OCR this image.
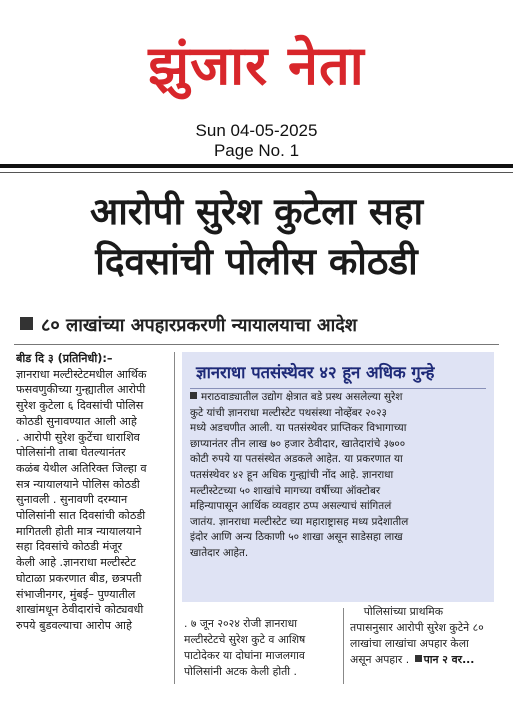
झुंजार नेता
Sun 04-05-2025
Page No. 1
आरोपी सुरेश कुटेला सहा
दिवसांची पोलीस कोठडी
८० लाखांच्या अपहारप्रकरणी न्यायालयाचा आदेश
बीड दि ३ (प्रतिनिधी):–
ज्ञानराधा मल्टीस्टेटमधील आर्थिक
फसवणुकीच्या गुन्ह्यातील आरोपी
सुरेश कुटेला ६ दिवसांची पोलिस
कोठडी सुनावण्यात आली आहे
. आरोपी सुरेश कुटेंचा धाराशिव
पोलिसांनी ताबा घेतल्यानंतर
कळंब येथील अतिरिक्त जिल्हा व
सत्र न्यायालयाने पोलिस कोठडी
सुनावली . सुनावणी दरम्यान
पोलिसांनी सात दिवसांची कोठडी
मागितली होती मात्र न्यायालयाने
सहा दिवसांचे कोठडी मंजूर
केली आहे .ज्ञानराधा मल्टीस्टेट
घोटाळा प्रकरणात बीड, छत्रपती
संभाजीनगर, मुंबई– पुण्यातील
शाखांमधून ठेवीदारांचे कोट्यवधी
रुपये बुडवल्याचा आरोप आहे
ज्ञानराधा पतसंस्थेवर ४२ हून अधिक गुन्हे
मराठवाड्यातील उद्योग क्षेत्रात बडे प्रस्थ असलेल्या सुरेश
कुटे यांची ज्ञानराधा मल्टीस्टेट पथसंस्था नोव्हेंबर २०२३
मध्ये अडचणीत आली. या पतसंस्थेवर प्राप्तिकर विभागाच्या
छाप्यानंतर तीन लाख ७० हजार ठेवीदार, खातेदारांचे ३७००
कोटी रुपये या पतसंस्थेत अडकले आहेत. या प्रकरणात या
पतसंस्थेवर ४२ हून अधिक गुन्ह्यांची नोंद आहे. ज्ञानराधा
मल्टीस्टेटच्या ५० शाखांचे मागच्या वर्षीच्या ऑक्टोबर
महिन्यापासून आर्थिक व्यवहार ठप्प असल्याचं सांगितलं
जातंय. ज्ञानराधा मल्टीस्टेट च्या महाराष्ट्रासह मध्य प्रदेशातील
इंदोर आणि अन्य ठिकाणी ५० शाखा असून साडेसहा लाख
खातेदार आहेत.
. ७ जून २०२४ रोजी ज्ञानराधा
मल्टीस्टेटचे सुरेश कुटे व आशिष
पाटोदेकर या दोघांना माजलगाव
पोलिसांनी अटक केली होती .
पोलिसांच्या प्राथमिक
तपासनुसार आरोपी सुरेश कुटेने ८०
लाखांचा लाखांचा अपहार केला
असून अपहार . पान २ वर...
